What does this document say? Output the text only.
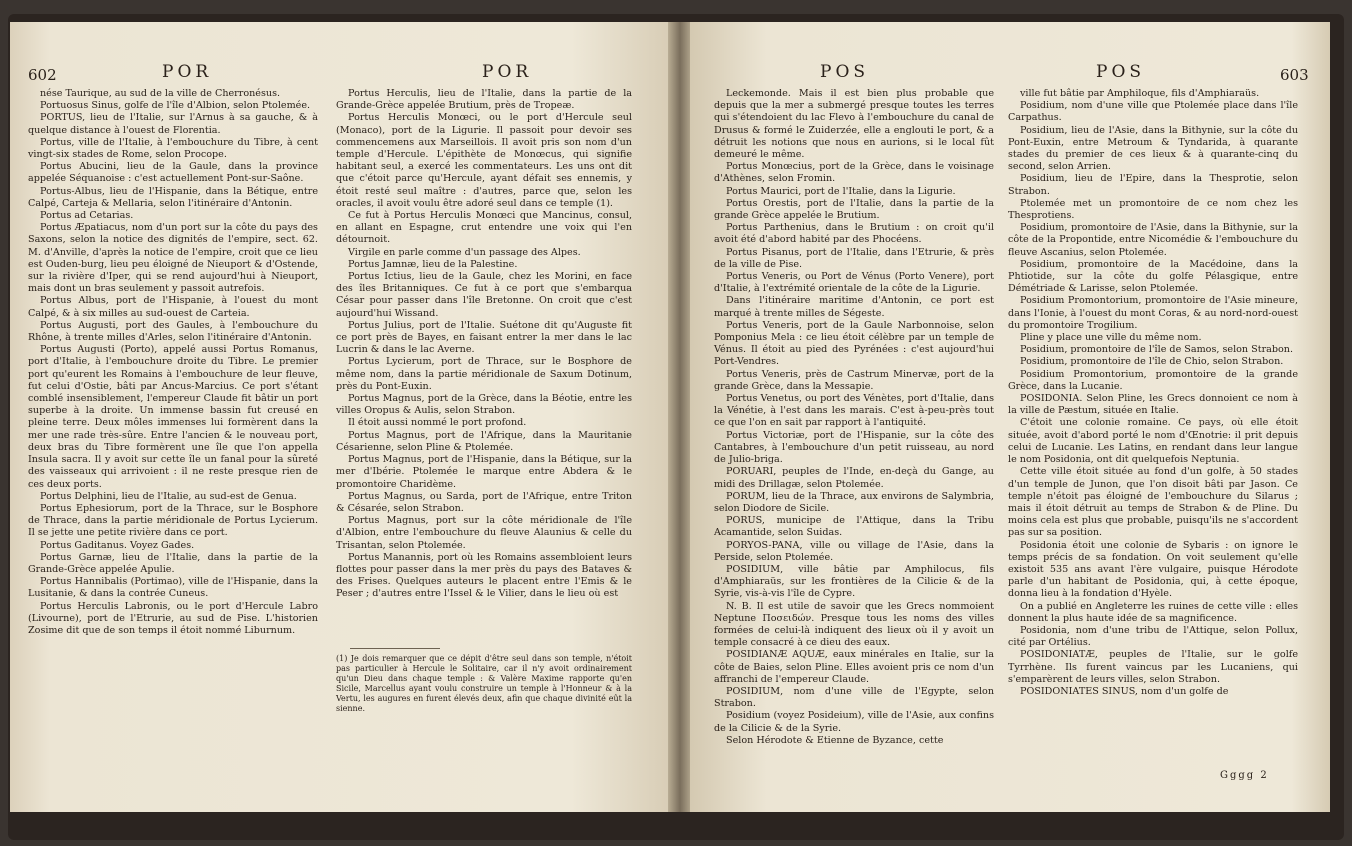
602	POR	POR

nése Taurique, au sud de la ville de Cherronésus.

Portuosus Sinus, golfe de l'île d'Albion, selon Ptolemée.

PORTUS, lieu de l'Italie, sur l'Arnus à sa gauche, & à quelque distance à l'ouest de Florentia.

Portus, ville de l'Italie, à l'embouchure du Tibre, à cent vingt-six stades de Rome, selon Procope.

Portus Abucini, lieu de la Gaule, dans la province appelée Séquanoise : c'est actuellement Pont-sur-Saône.

Portus-Albus, lieu de l'Hispanie, dans la Bétique, entre Calpé, Carteja & Mellaria, selon l'itinéraire d'Antonin.

Portus ad Cetarias.

Portus Æpatiacus, nom d'un port sur la côte du pays des Saxons, selon la notice des dignités de l'empire, sect. 62. M. d'Anville, d'après la notice de l'empire, croit que ce lieu est Ouden-burg, lieu peu éloigné de Nieuport & d'Ostende, sur la rivière d'Iper, qui se rend aujourd'hui à Nieuport, mais dont un bras seulement y passoit autrefois.

Portus Albus, port de l'Hispanie, à l'ouest du mont Calpé, & à six milles au sud-ouest de Carteia.

Portus Augusti, port des Gaules, à l'embouchure du Rhône, à trente milles d'Arles, selon l'itinéraire d'Antonin.

Portus Augusti (Porto), appelé aussi Portus Romanus, port d'Italie, à l'embouchure droite du Tibre. Le premier port qu'eurent les Romains à l'embouchure de leur fleuve, fut celui d'Ostie, bâti par Ancus-Marcius. Ce port s'étant comblé insensiblement, l'empereur Claude fit bâtir un port superbe à la droite. Un immense bassin fut creusé en pleine terre. Deux môles immenses lui formèrent dans la mer une rade très-sûre. Entre l'ancien & le nouveau port, deux bras du Tibre formèrent une île que l'on appella Insula sacra. Il y avoit sur cette île un fanal pour la sûreté des vaisseaux qui arrivoient : il ne reste presque rien de ces deux ports.

Portus Delphini, lieu de l'Italie, au sud-est de Genua.

Portus Ephesiorum, port de la Thrace, sur le Bosphore de Thrace, dans la partie méridionale de Portus Lycierum. Il se jette une petite rivière dans ce port.

Portus Gaditanus. Voyez Gades.

Portus Garnæ, lieu de l'Italie, dans la partie de la Grande-Grèce appelée Apulie.

Portus Hannibalis (Portimao), ville de l'Hispanie, dans la Lusitanie, & dans la contrée Cuneus.

Portus Herculis Labronis, ou le port d'Hercule Labro (Livourne), port de l'Etrurie, au sud de Pise. L'historien Zosime dit que de son temps il étoit nommé Liburnum.

Portus Herculis, lieu de l'Italie, dans la partie de la Grande-Grèce appelée Brutium, près de Tropeæ.

Portus Herculis Monœci, ou le port d'Hercule seul (Monaco), port de la Ligurie. Il passoit pour devoir ses commencemens aux Marseillois. Il avoit pris son nom d'un temple d'Hercule. L'épithète de Monœcus, qui signifie habitant seul, a exercé les commentateurs. Les uns ont dit que c'étoit parce qu'Hercule, ayant défait ses ennemis, y étoit resté seul maître : d'autres, parce que, selon les oracles, il avoit voulu être adoré seul dans ce temple (1).

Ce fut à Portus Herculis Monœci que Mancinus, consul, en allant en Espagne, crut entendre une voix qui l'en détournoit.

Virgile en parle comme d'un passage des Alpes.

Portus Jamnæ, lieu de la Palestine.

Portus Ictius, lieu de la Gaule, chez les Morini, en face des îles Britanniques. Ce fut à ce port que s'embarqua César pour passer dans l'île Bretonne. On croit que c'est aujourd'hui Wissand.

Portus Julius, port de l'Italie. Suétone dit qu'Auguste fit ce port près de Bayes, en faisant entrer la mer dans le lac Lucrin & dans le lac Averne.

Portus Lycierum, port de Thrace, sur le Bosphore de même nom, dans la partie méridionale de Saxum Dotinum, près du Pont-Euxin.

Portus Magnus, port de la Grèce, dans la Béotie, entre les villes Oropus & Aulis, selon Strabon.

Il étoit aussi nommé le port profond.

Portus Magnus, port de l'Afrique, dans la Mauritanie Césarienne, selon Pline & Ptolemée.

Portus Magnus, port de l'Hispanie, dans la Bétique, sur la mer d'Ibérie. Ptolemée le marque entre Abdera & le promontoire Charidème.

Portus Magnus, ou Sarda, port de l'Afrique, entre Triton & Césarée, selon Strabon.

Portus Magnus, port sur la côte méridionale de l'île d'Albion, entre l'embouchure du fleuve Alaunius & celle du Trisantan, selon Ptolemée.

Portus Manannis, port où les Romains assembloient leurs flottes pour passer dans la mer près du pays des Bataves & des Frises. Quelques auteurs le placent entre l'Emis & le Peser ; d'autres entre l'Issel & le Vilier, dans le lieu où est

(1) Je dois remarquer que ce dépit d'être seul dans son temple, n'étoit pas particulier à Hercule le Solitaire, car il n'y avoit ordinairement qu'un Dieu dans chaque temple : & Valère Maxime rapporte qu'en Sicile, Marcellus ayant voulu construire un temple à l'Honneur & à la Vertu, les augures en furent élevés deux, afin que chaque divinité eût la sienne.
POS	POS	603

Leckemonde. Mais il est bien plus probable que depuis que la mer a submergé presque toutes les terres qui s'étendoient du lac Flevo à l'embouchure du canal de Drusus & formé le Zuiderzée, elle a englouti le port, & a détruit les notions que nous en aurions, si le local fût demeuré le même.

Portus Monœcius, port de la Grèce, dans le voisinage d'Athènes, selon Fromin.

Portus Maurici, port de l'Italie, dans la Ligurie.

Portus Orestis, port de l'Italie, dans la partie de la grande Grèce appelée le Brutium.

Portus Parthenius, dans le Brutium : on croit qu'il avoit été d'abord habité par des Phocéens.

Portus Pisanus, port de l'Italie, dans l'Etrurie, & près de la ville de Pise.

Portus Veneris, ou Port de Vénus (Porto Venere), port d'Italie, à l'extrémité orientale de la côte de la Ligurie.

Dans l'itinéraire maritime d'Antonin, ce port est marqué à trente milles de Ségeste.

Portus Veneris, port de la Gaule Narbonnoise, selon Pomponius Mela : ce lieu étoit célèbre par un temple de Vénus. Il étoit au pied des Pyrénées : c'est aujourd'hui Port-Vendres.

Portus Veneris, près de Castrum Minervæ, port de la grande Grèce, dans la Messapie.

Portus Venetus, ou port des Vénètes, port d'Italie, dans la Vénétie, à l'est dans les marais. C'est à-peu-près tout ce que l'on en sait par rapport à l'antiquité.

Portus Victoriæ, port de l'Hispanie, sur la côte des Cantabres, à l'embouchure d'un petit ruisseau, au nord de Julio-briga.

PORUARI, peuples de l'Inde, en-deçà du Gange, au midi des Drillagæ, selon Ptolemée.

PORUM, lieu de la Thrace, aux environs de Salymbria, selon Diodore de Sicile.

PORUS, municipe de l'Attique, dans la Tribu Acamantide, selon Suidas.

PORYOS-PANA, ville ou village de l'Asie, dans la Perside, selon Ptolemée.

POSIDIUM, ville bâtie par Amphilocus, fils d'Amphiaraüs, sur les frontières de la Cilicie & de la Syrie, vis-à-vis l'île de Cypre.

N. B. Il est utile de savoir que les Grecs nommoient Neptune Ποσειδών. Presque tous les noms des villes formées de celui-là indiquent des lieux où il y avoit un temple consacré à ce dieu des eaux.

POSIDIANÆ AQUÆ, eaux minérales en Italie, sur la côte de Baies, selon Pline. Elles avoient pris ce nom d'un affranchi de l'empereur Claude.

POSIDIUM, nom d'une ville de l'Egypte, selon Strabon.

Posidium (voyez Posideium), ville de l'Asie, aux confins de la Cilicie & de la Syrie.

Selon Hérodote & Etienne de Byzance, cette

ville fut bâtie par Amphiloque, fils d'Amphiaraüs.

Posidium, nom d'une ville que Ptolemée place dans l'île Carpathus.

Posidium, lieu de l'Asie, dans la Bithynie, sur la côte du Pont-Euxin, entre Metroum & Tyndarida, à quarante stades du premier de ces lieux & à quarante-cinq du second, selon Arrien.

Posidium, lieu de l'Epire, dans la Thesprotie, selon Strabon.

Ptolemée met un promontoire de ce nom chez les Thesprotiens.

Posidium, promontoire de l'Asie, dans la Bithynie, sur la côte de la Propontide, entre Nicomédie & l'embouchure du fleuve Ascanius, selon Ptolemée.

Posidium, promontoire de la Macédoine, dans la Phtiotide, sur la côte du golfe Pélasgique, entre Démétriade & Larisse, selon Ptolemée.

Posidium Promontorium, promontoire de l'Asie mineure, dans l'Ionie, à l'ouest du mont Coras, & au nord-nord-ouest du promontoire Trogilium.

Pline y place une ville du même nom.

Posidium, promontoire de l'île de Samos, selon Strabon.

Posidium, promontoire de l'île de Chio, selon Strabon.

Posidium Promontorium, promontoire de la grande Grèce, dans la Lucanie.

POSIDONIA. Selon Pline, les Grecs donnoient ce nom à la ville de Pæstum, située en Italie.

C'étoit une colonie romaine. Ce pays, où elle étoit située, avoit d'abord porté le nom d'Œnotrie: il prit depuis celui de Lucanie. Les Latins, en rendant dans leur langue le nom Posidonia, ont dit quelquefois Neptunia.

Cette ville étoit située au fond d'un golfe, à 50 stades d'un temple de Junon, que l'on disoit bâti par Jason. Ce temple n'étoit pas éloigné de l'embouchure du Silarus ; mais il étoit détruit au temps de Strabon & de Pline. Du moins cela est plus que probable, puisqu'ils ne s'accordent pas sur sa position.

Posidonia étoit une colonie de Sybaris : on ignore le temps précis de sa fondation. On voit seulement qu'elle existoit 535 ans avant l'ère vulgaire, puisque Hérodote parle d'un habitant de Posidonia, qui, à cette époque, donna lieu à la fondation d'Hyèle.

On a publié en Angleterre les ruines de cette ville : elles donnent la plus haute idée de sa magnificence.

Posidonia, nom d'une tribu de l'Attique, selon Pollux, cité par Ortélius.

POSIDONIATÆ, peuples de l'Italie, sur le golfe Tyrrhène. Ils furent vaincus par les Lucaniens, qui s'emparèrent de leurs villes, selon Strabon.

POSIDONIATES SINUS, nom d'un golfe de

Gggg 2
